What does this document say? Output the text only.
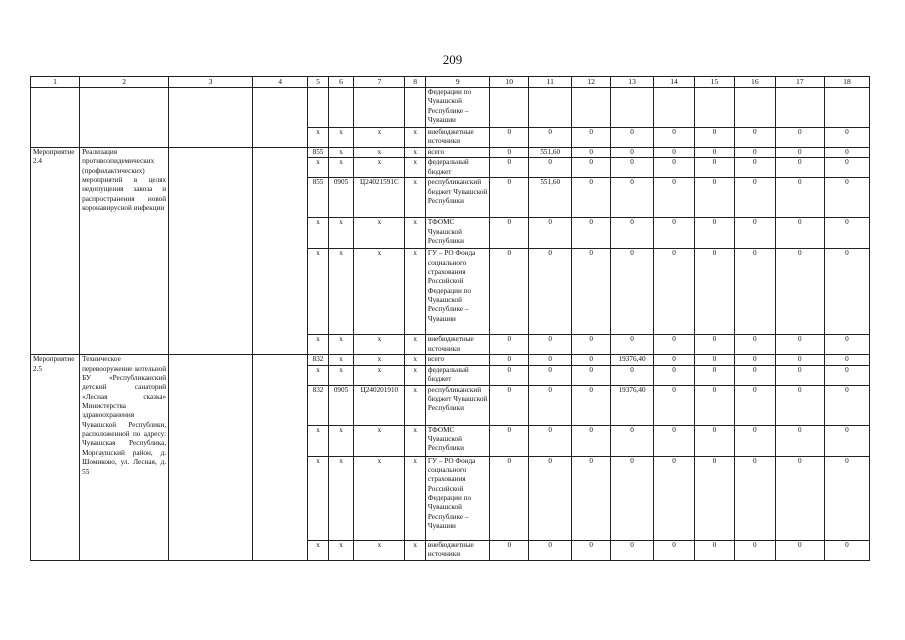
209
1	2	3	4	5	6	7	8	9	10	11	12	13	14	15	16	17	18
								Федерации по Чувашской Республике – Чувашии									
				x	x	x	x	внебюджетные источники	0	0	0	0	0	0	0	0	0
Мероприятие 2.4	Реализация противоэпидемических (профилактических) мероприятий в целях недопущения завоза и распространения новой коронавирусной инфекции			855	x	x	x	всего	0	551,60	0	0	0	0	0	0	0
				x	x	x	x	федеральный бюджет	0	0	0	0	0	0	0	0	0
				855	0905	Ц24021591С	x	республиканский бюджет Чувашской Республики	0	551,60	0	0	0	0	0	0	0
				x	x	x	x	ТФОМС Чувашской Республики	0	0	0	0	0	0	0	0	0
				x	x	x	x	ГУ – РО Фонда социального страхования Российской Федерации по Чувашской Республике – Чувашии	0	0	0	0	0	0	0	0	0
				x	x	x	x	внебюджетные источники	0	0	0	0	0	0	0	0	0
Мероприятие 2.5	Техническое перевооружение котельной БУ «Республиканский детский санаторий «Лесная сказка» Министерства здравоохранения Чувашской Республики, расположенной по адресу: Чувашская Республика, Моргаушский район, д. Шомиково, ул. Лесная, д. 55			832	x	x	x	всего	0	0	0	19376,40	0	0	0	0	0
				x	x	x	x	федеральный бюджет	0	0	0	0	0	0	0	0	0
				832	0905	Ц240201910	x	республиканский бюджет Чувашской Республики	0	0	0	19376,40	0	0	0	0	0
				x	x	x	x	ТФОМС Чувашской Республики	0	0	0	0	0	0	0	0	0
				x	x	x	x	ГУ – РО Фонда социального страхования Российской Федерации по Чувашской Республике – Чувашии	0	0	0	0	0	0	0	0	0
				x	x	x	x	внебюджетные источники	0	0	0	0	0	0	0	0	0
